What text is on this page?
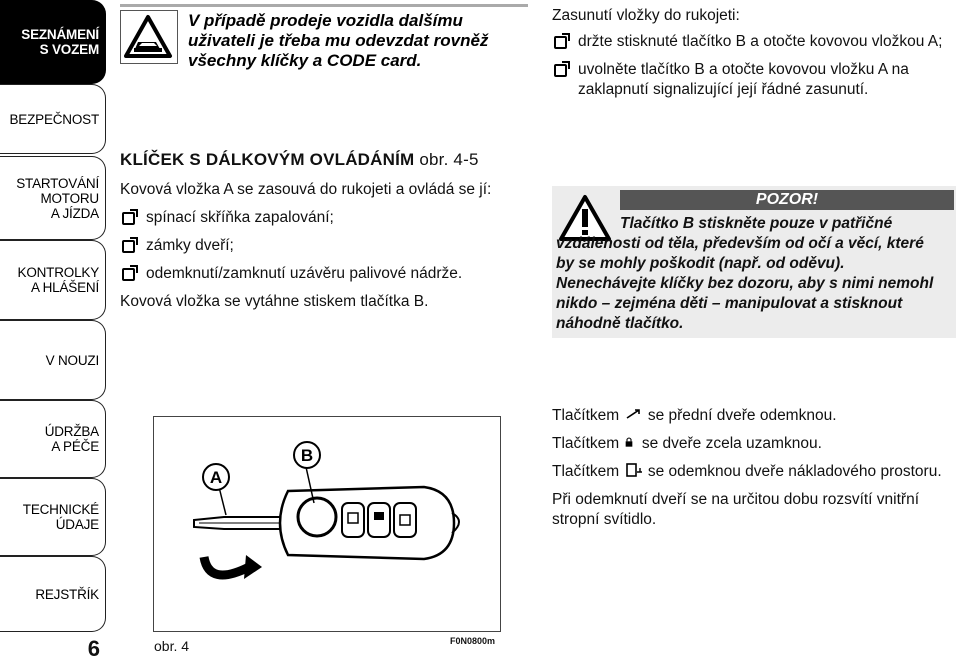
SEZNÁMENÍ
S VOZEM
BEZPEČNOST
STARTOVÁNÍ
MOTORU
A JÍZDA
KONTROLKY
A HLÁŠENÍ
V NOUZI
ÚDRŽBA
A PÉČE
TECHNICKÉ
ÚDAJE
REJSTŘÍK
6
V případě prodeje vozidla dalšímu uživateli je třeba mu odevzdat rovněž všechny klíčky a CODE card.
KLÍČEK S DÁLKOVÝM OVLÁDÁNÍM obr. 4-5
Kovová vložka A se zasouvá do rukojeti a ovládá se jí:
spínací skříňka zapalování;
zámky dveří;
odemknutí/zamknutí uzávěru palivové nádrže.
Kovová vložka se vytáhne stiskem tlačítka B.
A
B
obr. 4	F0N0800m
Zasunutí vložky do rukojeti:
držte stisknuté tlačítko B a otočte kovovou vložkou A;
uvolněte tlačítko B a otočte kovovou vložku A na zaklapnutí signalizující její řádné zasunutí.
POZOR!
Tlačítko B stiskněte pouze v patřičné vzdálenosti od těla, především od očí a věcí, které by se mohly poškodit (např. od oděvu). Nenechávejte klíčky bez dozoru, aby s nimi nemohl nikdo – zejména děti – manipulovat a stisknout náhodně tlačítko.
Tlačítkem se přední dveře odemknou.
Tlačítkem se dveře zcela uzamknou.
Tlačítkem se odemknou dveře nákladového prostoru.
Při odemknutí dveří se na určitou dobu rozsvítí vnitřní stropní svítidlo.
